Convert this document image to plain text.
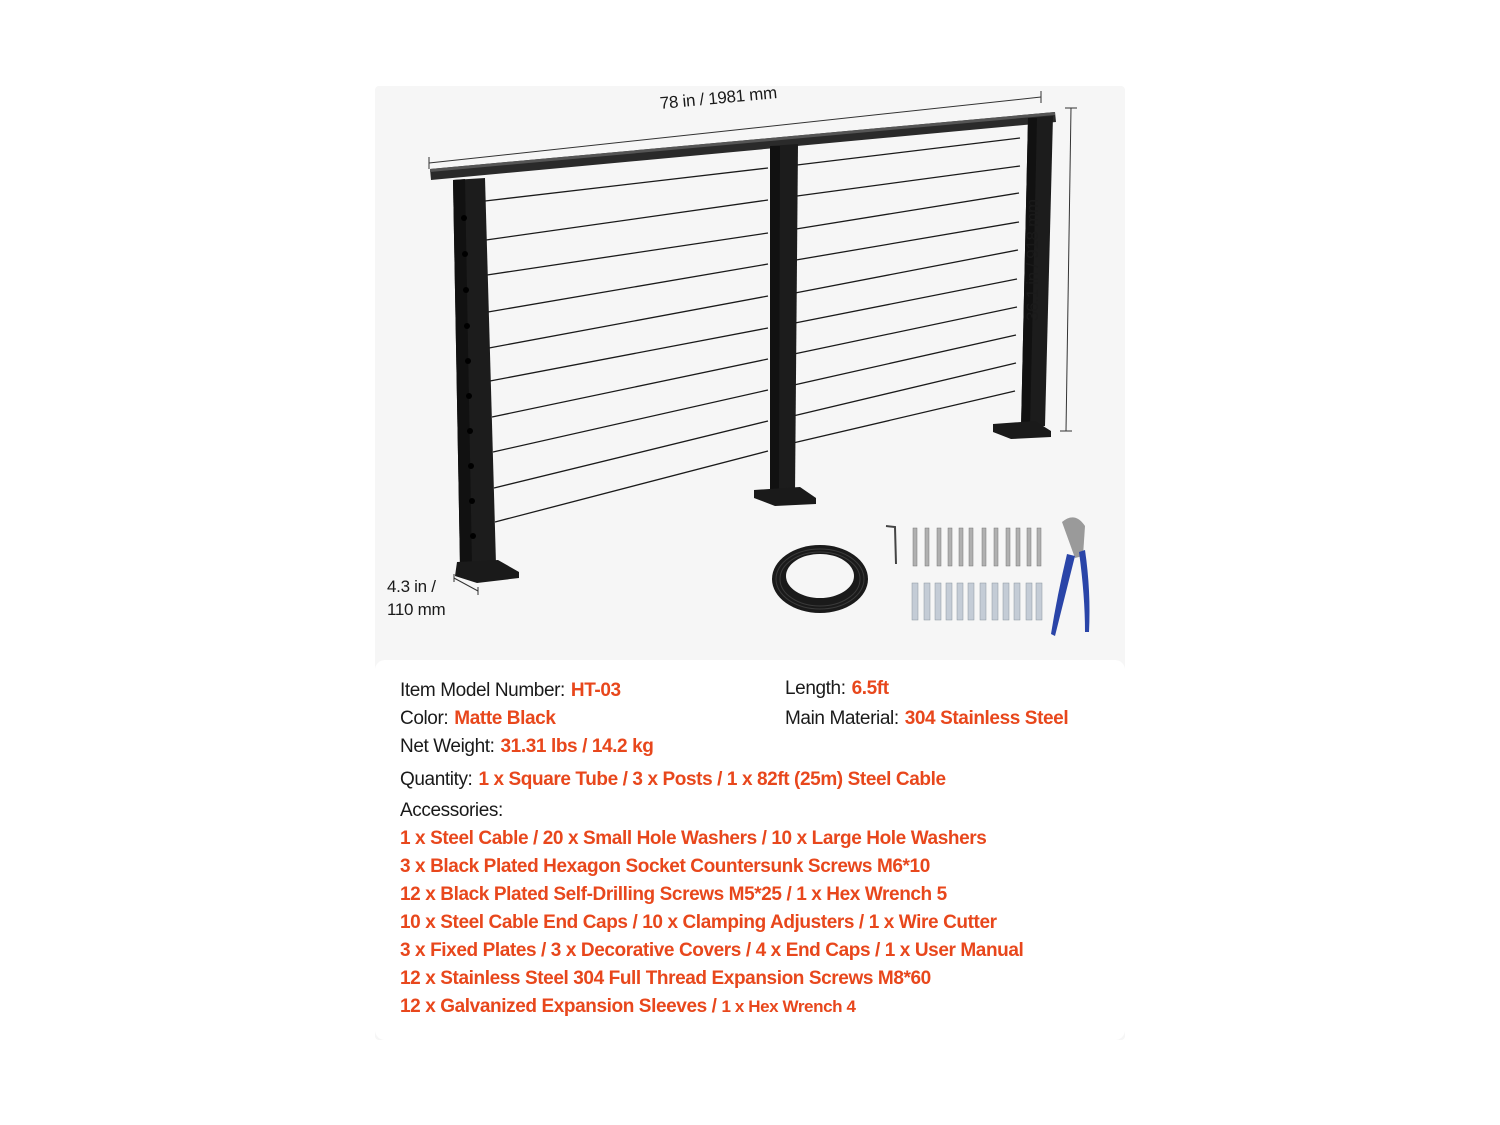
78 in / 1981 mm
36.1 in / 918 mm
4.3 in /
110 mm
Item Model Number: HT-03	Length: 6.5ft
Color: Matte Black	Main Material: 304 Stainless Steel
Net Weight: 31.31 lbs / 14.2 kg
Quantity: 1 x Square Tube / 3 x Posts / 1 x 82ft (25m) Steel Cable
Accessories:
1 x Steel Cable / 20 x Small Hole Washers / 10 x Large Hole Washers
3 x Black Plated Hexagon Socket Countersunk Screws M6*10
12 x Black Plated Self-Drilling Screws M5*25 / 1 x Hex Wrench 5
10 x Steel Cable End Caps / 10 x Clamping Adjusters / 1 x Wire Cutter
3 x Fixed Plates / 3 x Decorative Covers / 4 x End Caps / 1 x User Manual
12 x Stainless Steel 304 Full Thread Expansion Screws M8*60
12 x Galvanized Expansion Sleeves / 1 x Hex Wrench 4
